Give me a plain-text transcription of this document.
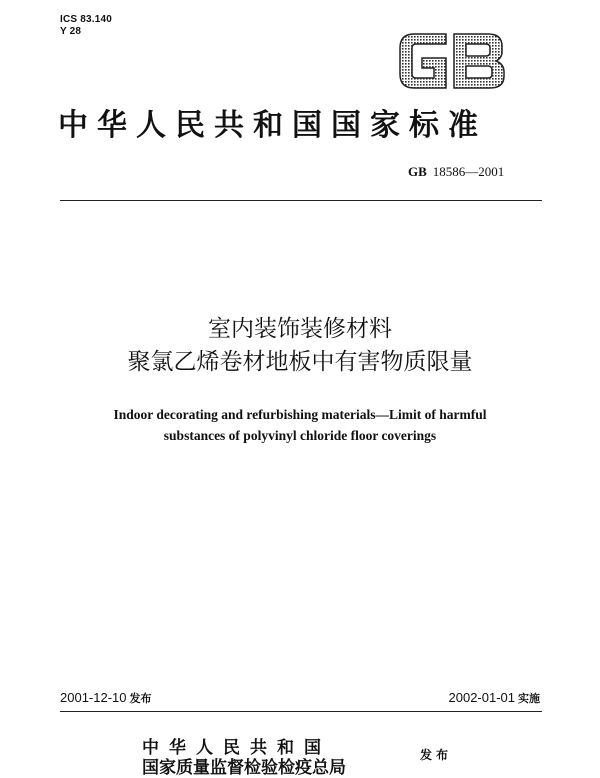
ICS 83.140
Y 28
中华人民共和国国家标准
GB 18586—2001
室内装饰装修材料
聚氯乙烯卷材地板中有害物质限量
Indoor decorating and refurbishing materials—Limit of harmful
substances of polyvinyl chloride floor coverings
2001-12-10 发布	2002-01-01 实施
中华人民共和国
国家质量监督检验检疫总局
发布
